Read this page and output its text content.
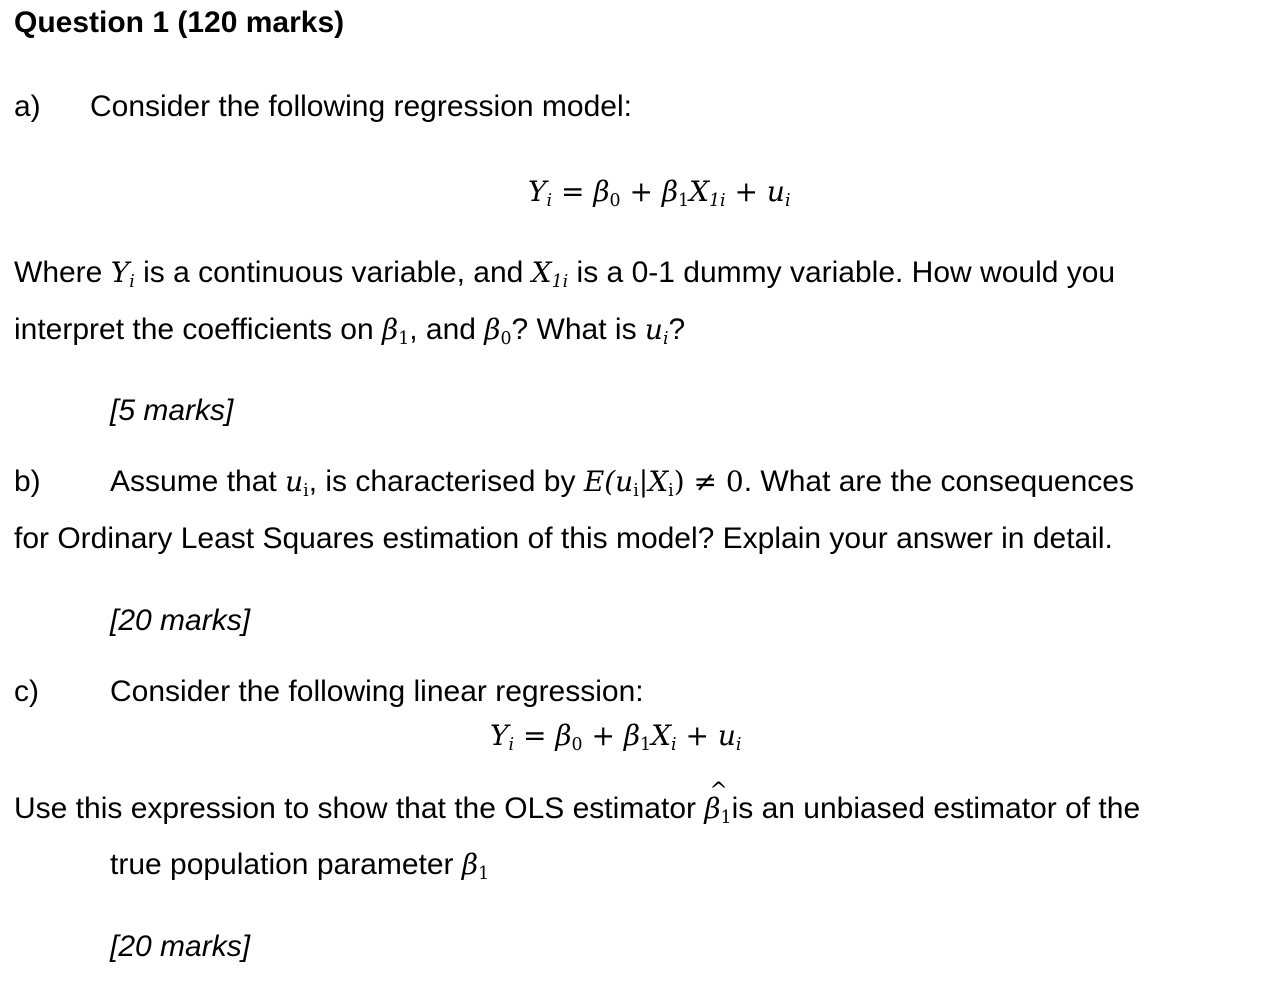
Question 1 (120 marks)
a) Consider the following regression model:
$Y_i = \beta_0 + \beta_1X_{1i} + u_i$
Where $Y_i$ is a continuous variable, and $X_{1i}$ is a 0-1 dummy variable. How would you
interpret the coefficients on $\beta_1$, and $\beta_0$? What is $u_i$?
[5 marks]
b) Assume that $u_i$, is characterised by $E(u_i|X_i) \ne 0$. What are the consequences
for Ordinary Least Squares estimation of this model? Explain your answer in detail.
[20 marks]
c) Consider the following linear regression:
$Y_i = \beta_0 + \beta_1X_i + u_i$
Use this expression to show that the OLS estimator ^ $\beta_1is$ an unbiased estimator of the
true population parameter $\beta_1$
[20 marks]
